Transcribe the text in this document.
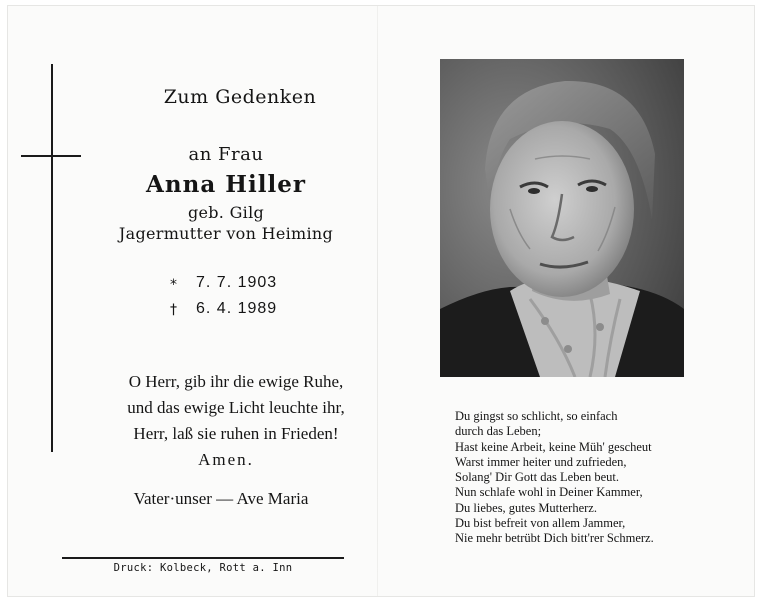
Zum Gedenken
an Frau
Anna Hiller
geb. Gilg
Jagermutter von Heiming
* 7. 7. 1903
† 6. 4. 1989
O Herr, gib ihr die ewige Ruhe,
und das ewige Licht leuchte ihr,
Herr, laß sie ruhen in Frieden!
Amen.
Vater·unser — Ave Maria
Druck: Kolbeck, Rott a. Inn
Du gingst so schlicht, so einfach
durch das Leben;
Hast keine Arbeit, keine Müh' gescheut
Warst immer heiter und zufrieden,
Solang' Dir Gott das Leben beut.
Nun schlafe wohl in Deiner Kammer,
Du liebes, gutes Mutterherz.
Du bist befreit von allem Jammer,
Nie mehr betrübt Dich bitt'rer Schmerz.
